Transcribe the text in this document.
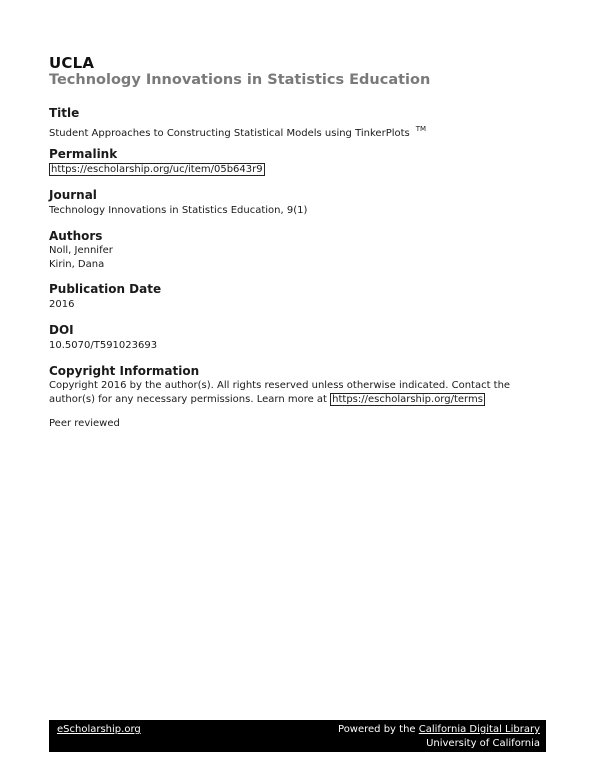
UCLA
Technology Innovations in Statistics Education
Title
Student Approaches to Constructing Statistical Models using TinkerPlots ™
Permalink
https://escholarship.org/uc/item/05b643r9
Journal
Technology Innovations in Statistics Education, 9(1)
Authors
Noll, Jennifer
Kirin, Dana
Publication Date
2016
DOI
10.5070/T591023693
Copyright Information
Copyright 2016 by the author(s). All rights reserved unless otherwise indicated. Contact the
author(s) for any necessary permissions. Learn more at https://escholarship.org/terms
Peer reviewed
eScholarship.org	Powered by the California Digital Library
University of California
